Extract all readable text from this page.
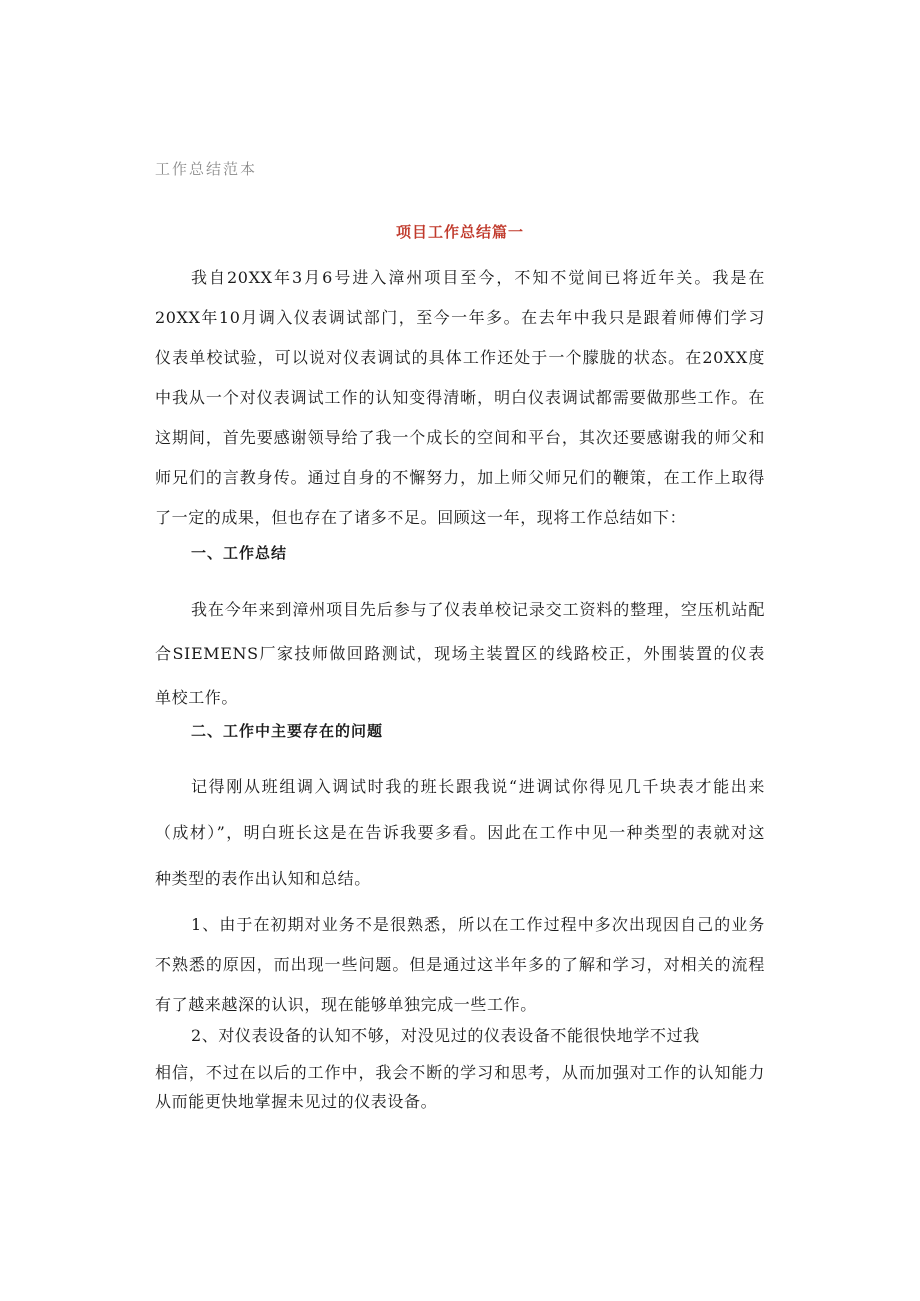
工作总结范本
项目工作总结篇一

我自20XX年3月6号进入漳州项目至今，不知不觉间已将近年关。我是在
20XX年10月调入仪表调试部门，至今一年多。在去年中我只是跟着师傅们学习
仪表单校试验，可以说对仪表调试的具体工作还处于一个朦胧的状态。在20XX度
中我从一个对仪表调试工作的认知变得清晰，明白仪表调试都需要做那些工作。在
这期间，首先要感谢领导给了我一个成长的空间和平台，其次还要感谢我的师父和
师兄们的言教身传。通过自身的不懈努力，加上师父师兄们的鞭策，在工作上取得
了一定的成果，但也存在了诸多不足。回顾这一年，现将工作总结如下：

一、工作总结

我在今年来到漳州项目先后参与了仪表单校记录交工资料的整理，空压机站配
合SIEMENS厂家技师做回路测试，现场主装置区的线路校正，外围装置的仪表
单校工作。

二、工作中主要存在的问题

记得刚从班组调入调试时我的班长跟我说“进调试你得见几千块表才能出来
（成材）”，明白班长这是在告诉我要多看。因此在工作中见一种类型的表就对这
种类型的表作出认知和总结。

1、由于在初期对业务不是很熟悉，所以在工作过程中多次出现因自己的业务
不熟悉的原因，而出现一些问题。但是通过这半年多的了解和学习，对相关的流程
有了越来越深的认识，现在能够单独完成一些工作。

2、对仪表设备的认知不够，对没见过的仪表设备不能很快地学不过我
相信，不过在以后的工作中，我会不断的学习和思考，从而加强对工作的认知能力
从而能更快地掌握未见过的仪表设备。
